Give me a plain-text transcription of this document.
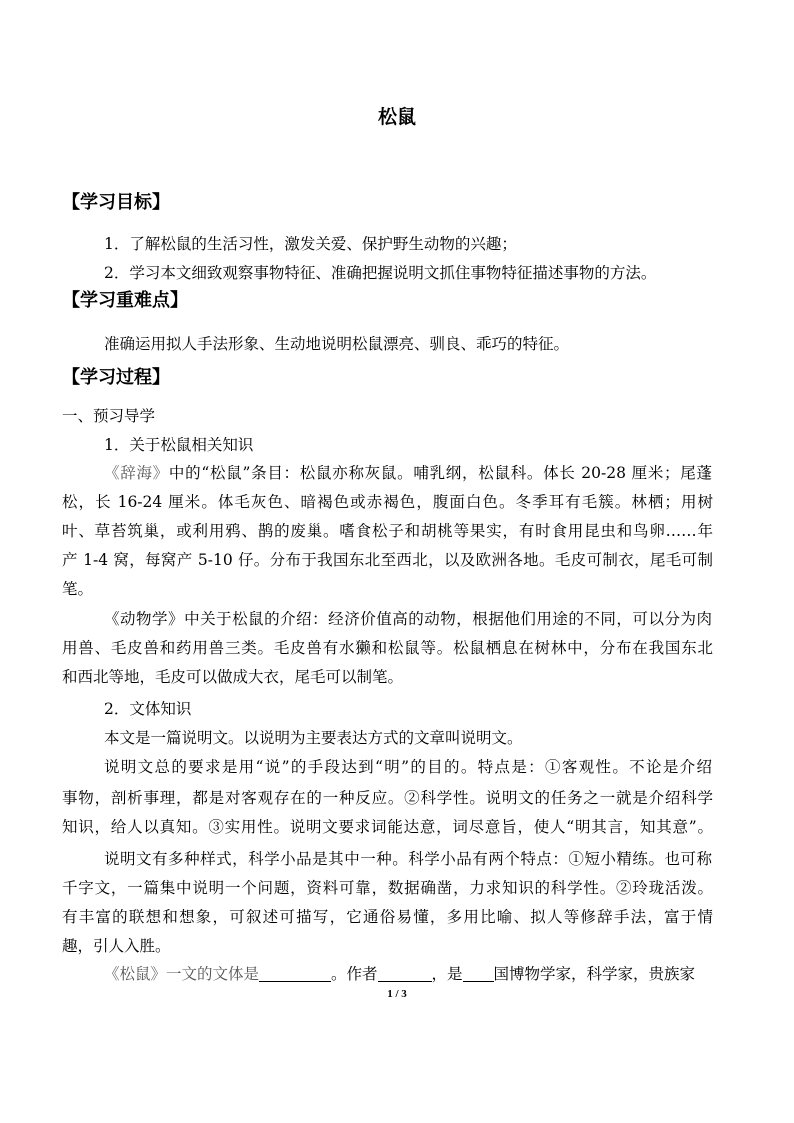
松鼠
【学习目标】
1．了解松鼠的生活习性，激发关爱、保护野生动物的兴趣；
2．学习本文细致观察事物特征、准确把握说明文抓住事物特征描述事物的方法。
【学习重难点】
准确运用拟人手法形象、生动地说明松鼠漂亮、驯良、乖巧的特征。
【学习过程】
一、预习导学
1．关于松鼠相关知识
《辞海》中的“松鼠”条目：松鼠亦称灰鼠。哺乳纲，松鼠科。体长 20-28 厘米；尾蓬
松，长 16-24 厘米。体毛灰色、暗褐色或赤褐色，腹面白色。冬季耳有毛簇。林栖；用树
叶、草苔筑巢，或利用鸦、鹊的废巢。嗜食松子和胡桃等果实，有时食用昆虫和鸟卵……年
产 1-4 窝，每窝产 5-10 仔。分布于我国东北至西北，以及欧洲各地。毛皮可制衣，尾毛可制
笔。
《动物学》中关于松鼠的介绍：经济价值高的动物，根据他们用途的不同，可以分为肉
用兽、毛皮兽和药用兽三类。毛皮兽有水獭和松鼠等。松鼠栖息在树林中，分布在我国东北
和西北等地，毛皮可以做成大衣，尾毛可以制笔。
2．文体知识
本文是一篇说明文。以说明为主要表达方式的文章叫说明文。
说明文总的要求是用“说”的手段达到“明”的目的。特点是：①客观性。不论是介绍
事物，剖析事理，都是对客观存在的一种反应。②科学性。说明文的任务之一就是介绍科学
知识，给人以真知。③实用性。说明文要求词能达意，词尽意旨，使人“明其言，知其意”。
说明文有多种样式，科学小品是其中一种。科学小品有两个特点：①短小精练。也可称
千字文，一篇集中说明一个问题，资料可靠，数据确凿，力求知识的科学性。②玲珑活泼。
有丰富的联想和想象，可叙述可描写，它通俗易懂，多用比喻、拟人等修辞手法，富于情
趣，引人入胜。
《松鼠》一文的文体是	。作者	，是 国博物学家，科学家，贵族家
1 / 3
